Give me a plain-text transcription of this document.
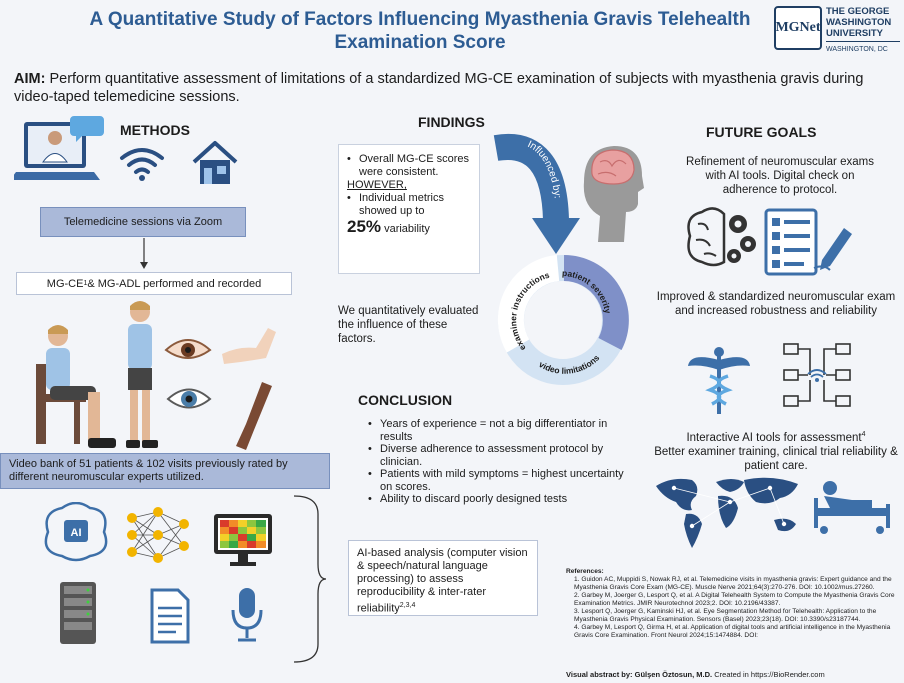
A Quantitative Study of Factors Influencing Myasthenia Gravis Telehealth Examination Score
MGNet
THE GEORGE
WASHINGTON
UNIVERSITY
WASHINGTON, DC
AIM: Perform quantitative assessment of limitations of a standardized MG-CE examination of subjects with myasthenia gravis during video-taped telemedicine sessions.
METHODS
Telemedicine sessions via Zoom
MG-CE 1 & MG-ADL performed and recorded
Video bank of 51 patients & 102 visits previously rated by different neuromuscular experts utilized.
AI
AI-based analysis (computer vision & speech/natural language processing) to assess reproducibility & inter-rater reliability$^{2,3,4}$
FINDINGS
• Overall MG-CE scores were consistent.
HOWEVER,
• Individual metrics showed up to
25% variability
Influenced by:
examiner instructions patient severity
video limitations
We quantitatively evaluated the influence of these factors.
CONCLUSION
• Years of experience = not a big differentiator in results
• Diverse adherence to assessment protocol by clinician.
• Patients with mild symptoms = highest uncertainty on scores.
• Ability to discard poorly designed tests
FUTURE GOALS
Refinement of neuromuscular exams with AI tools. Digital check on adherence to protocol.
Improved & standardized neuromuscular exam and increased robustness and reliability
Interactive AI tools for assessment$^4$
Better examiner training, clinical trial reliability & patient care.
References:
1. Guidon AC, Muppidi S, Nowak RJ, et al. Telemedicine visits in myasthenia gravis: Expert guidance and the Myasthenia Gravis Core Exam (MG-CE). Muscle Nerve 2021;64(3):270-276. DOI: 10.1002/mus.27260.
2. Garbey M, Joerger G, Lesport Q, et al. A Digital Telehealth System to Compute the Myasthenia Gravis Core Examination Metrics. JMIR Neurotechnol 2023;2. DOI: 10.2196/43387.
3. Lesport Q, Joerger G, Kaminski HJ, et al. Eye Segmentation Method for Telehealth: Application to the Myasthenia Gravis Physical Examination. Sensors (Basel) 2023;23(18). DOI: 10.3390/s23187744.
4. Garbey M, Lesport Q, Girma H, et al. Application of digital tools and artificial intelligence in the Myasthenia Gravis Core Examination. Front Neurol 2024;15:1474884. DOI:
Visual abstract by: Gülşen Öztosun, M.D. Created in https://BioRender.com
